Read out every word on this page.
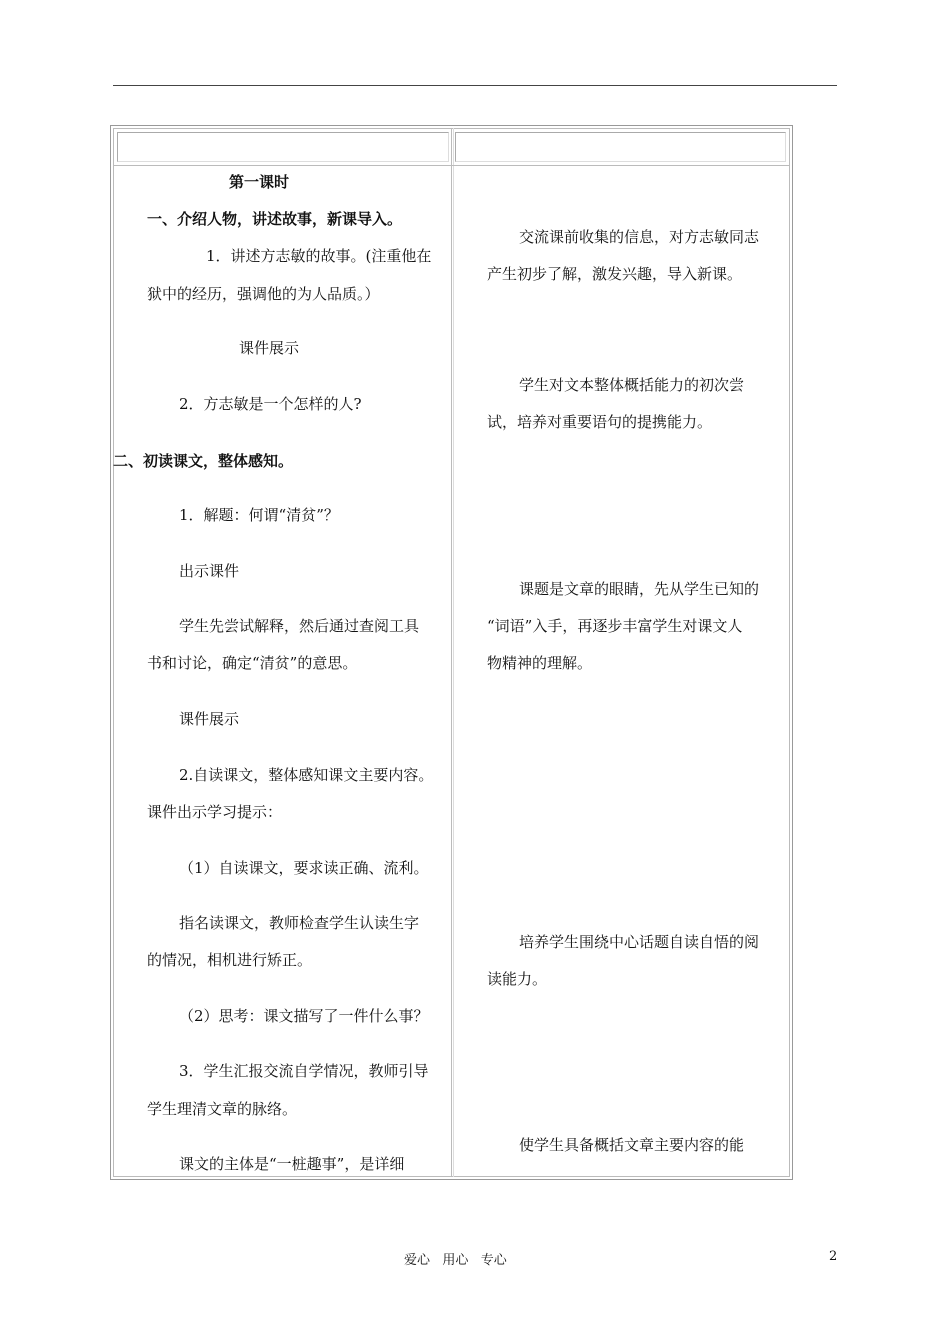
第一课时
一、介绍人物，讲述故事，新课导入。
1．讲述方志敏的故事。(注重他在
狱中的经历，强调他的为人品质。）
课件展示
2．方志敏是一个怎样的人?
二、初读课文，整体感知。
1．解题：何谓“清贫”？
出示课件
学生先尝试解释，然后通过查阅工具
书和讨论，确定“清贫”的意思。
课件展示
2.自读课文，整体感知课文主要内容。
课件出示学习提示：
（1）自读课文，要求读正确、流利。
指名读课文，教师检查学生认读生字
的情况，相机进行矫正。
（2）思考：课文描写了一件什么事？
3．学生汇报交流自学情况，教师引导
学生理清文章的脉络。
课文的主体是“一桩趣事”，是详细
交流课前收集的信息，对方志敏同志
产生初步了解，激发兴趣，导入新课。
学生对文本整体概括能力的初次尝
试，培养对重要语句的提携能力。
课题是文章的眼睛，先从学生已知的
“词语”入手，再逐步丰富学生对课文人
物精神的理解。
培养学生围绕中心话题自读自悟的阅
读能力。
使学生具备概括文章主要内容的能
爱心   用心   专心	2
